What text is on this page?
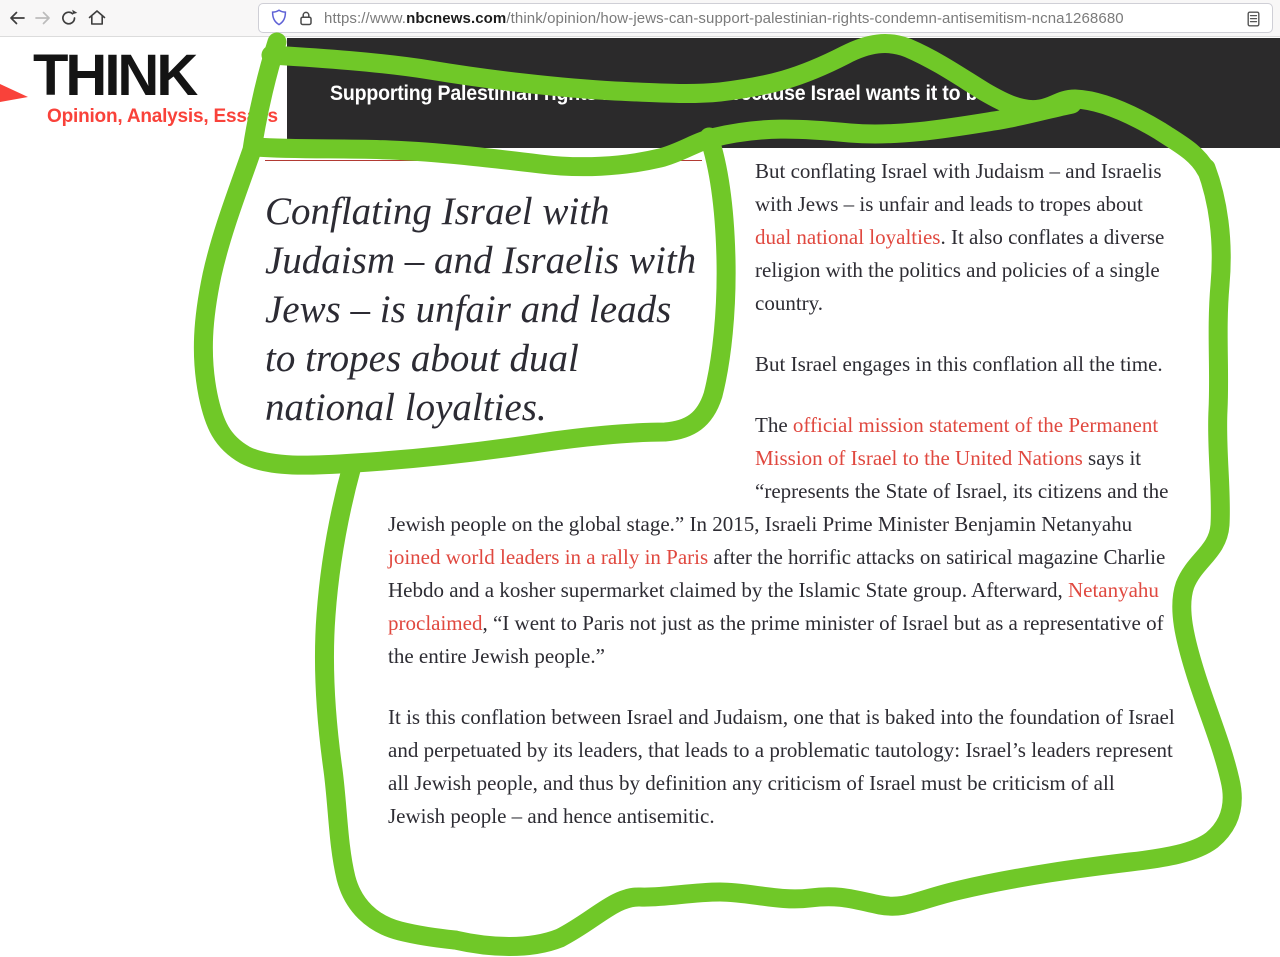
https://www.nbcnews.com/think/opinion/how-jews-can-support-palestinian-rights-condemn-antisemitism-ncna1268680
THINK
Opinion, Analysis, Essays
Supporting Palestinian rights is antisemitic because Israel wants it to be
Conflating Israel with Judaism – and Israelis with Jews – is unfair and leads to tropes about dual national loyalties.

But conflating Israel with Judaism – and Israelis with Jews – is unfair and leads to tropes about dual national loyalties. It also conflates a diverse religion with the politics and policies of a single country.

But Israel engages in this conflation all the time.

The official mission statement of the Permanent Mission of Israel to the United Nations says it “represents the State of Israel, its citizens and the Jewish people on the global stage.” In 2015, Israeli Prime Minister Benjamin Netanyahu joined world leaders in a rally in Paris after the horrific attacks on satirical magazine Charlie Hebdo and a kosher supermarket claimed by the Islamic State group. Afterward, Netanyahu proclaimed, “I went to Paris not just as the prime minister of Israel but as a representative of the entire Jewish people.”

It is this conflation between Israel and Judaism, one that is baked into the foundation of Israel and perpetuated by its leaders, that leads to a problematic tautology: Israel’s leaders represent all Jewish people, and thus by definition any criticism of Israel must be criticism of all Jewish people – and hence antisemitic.
